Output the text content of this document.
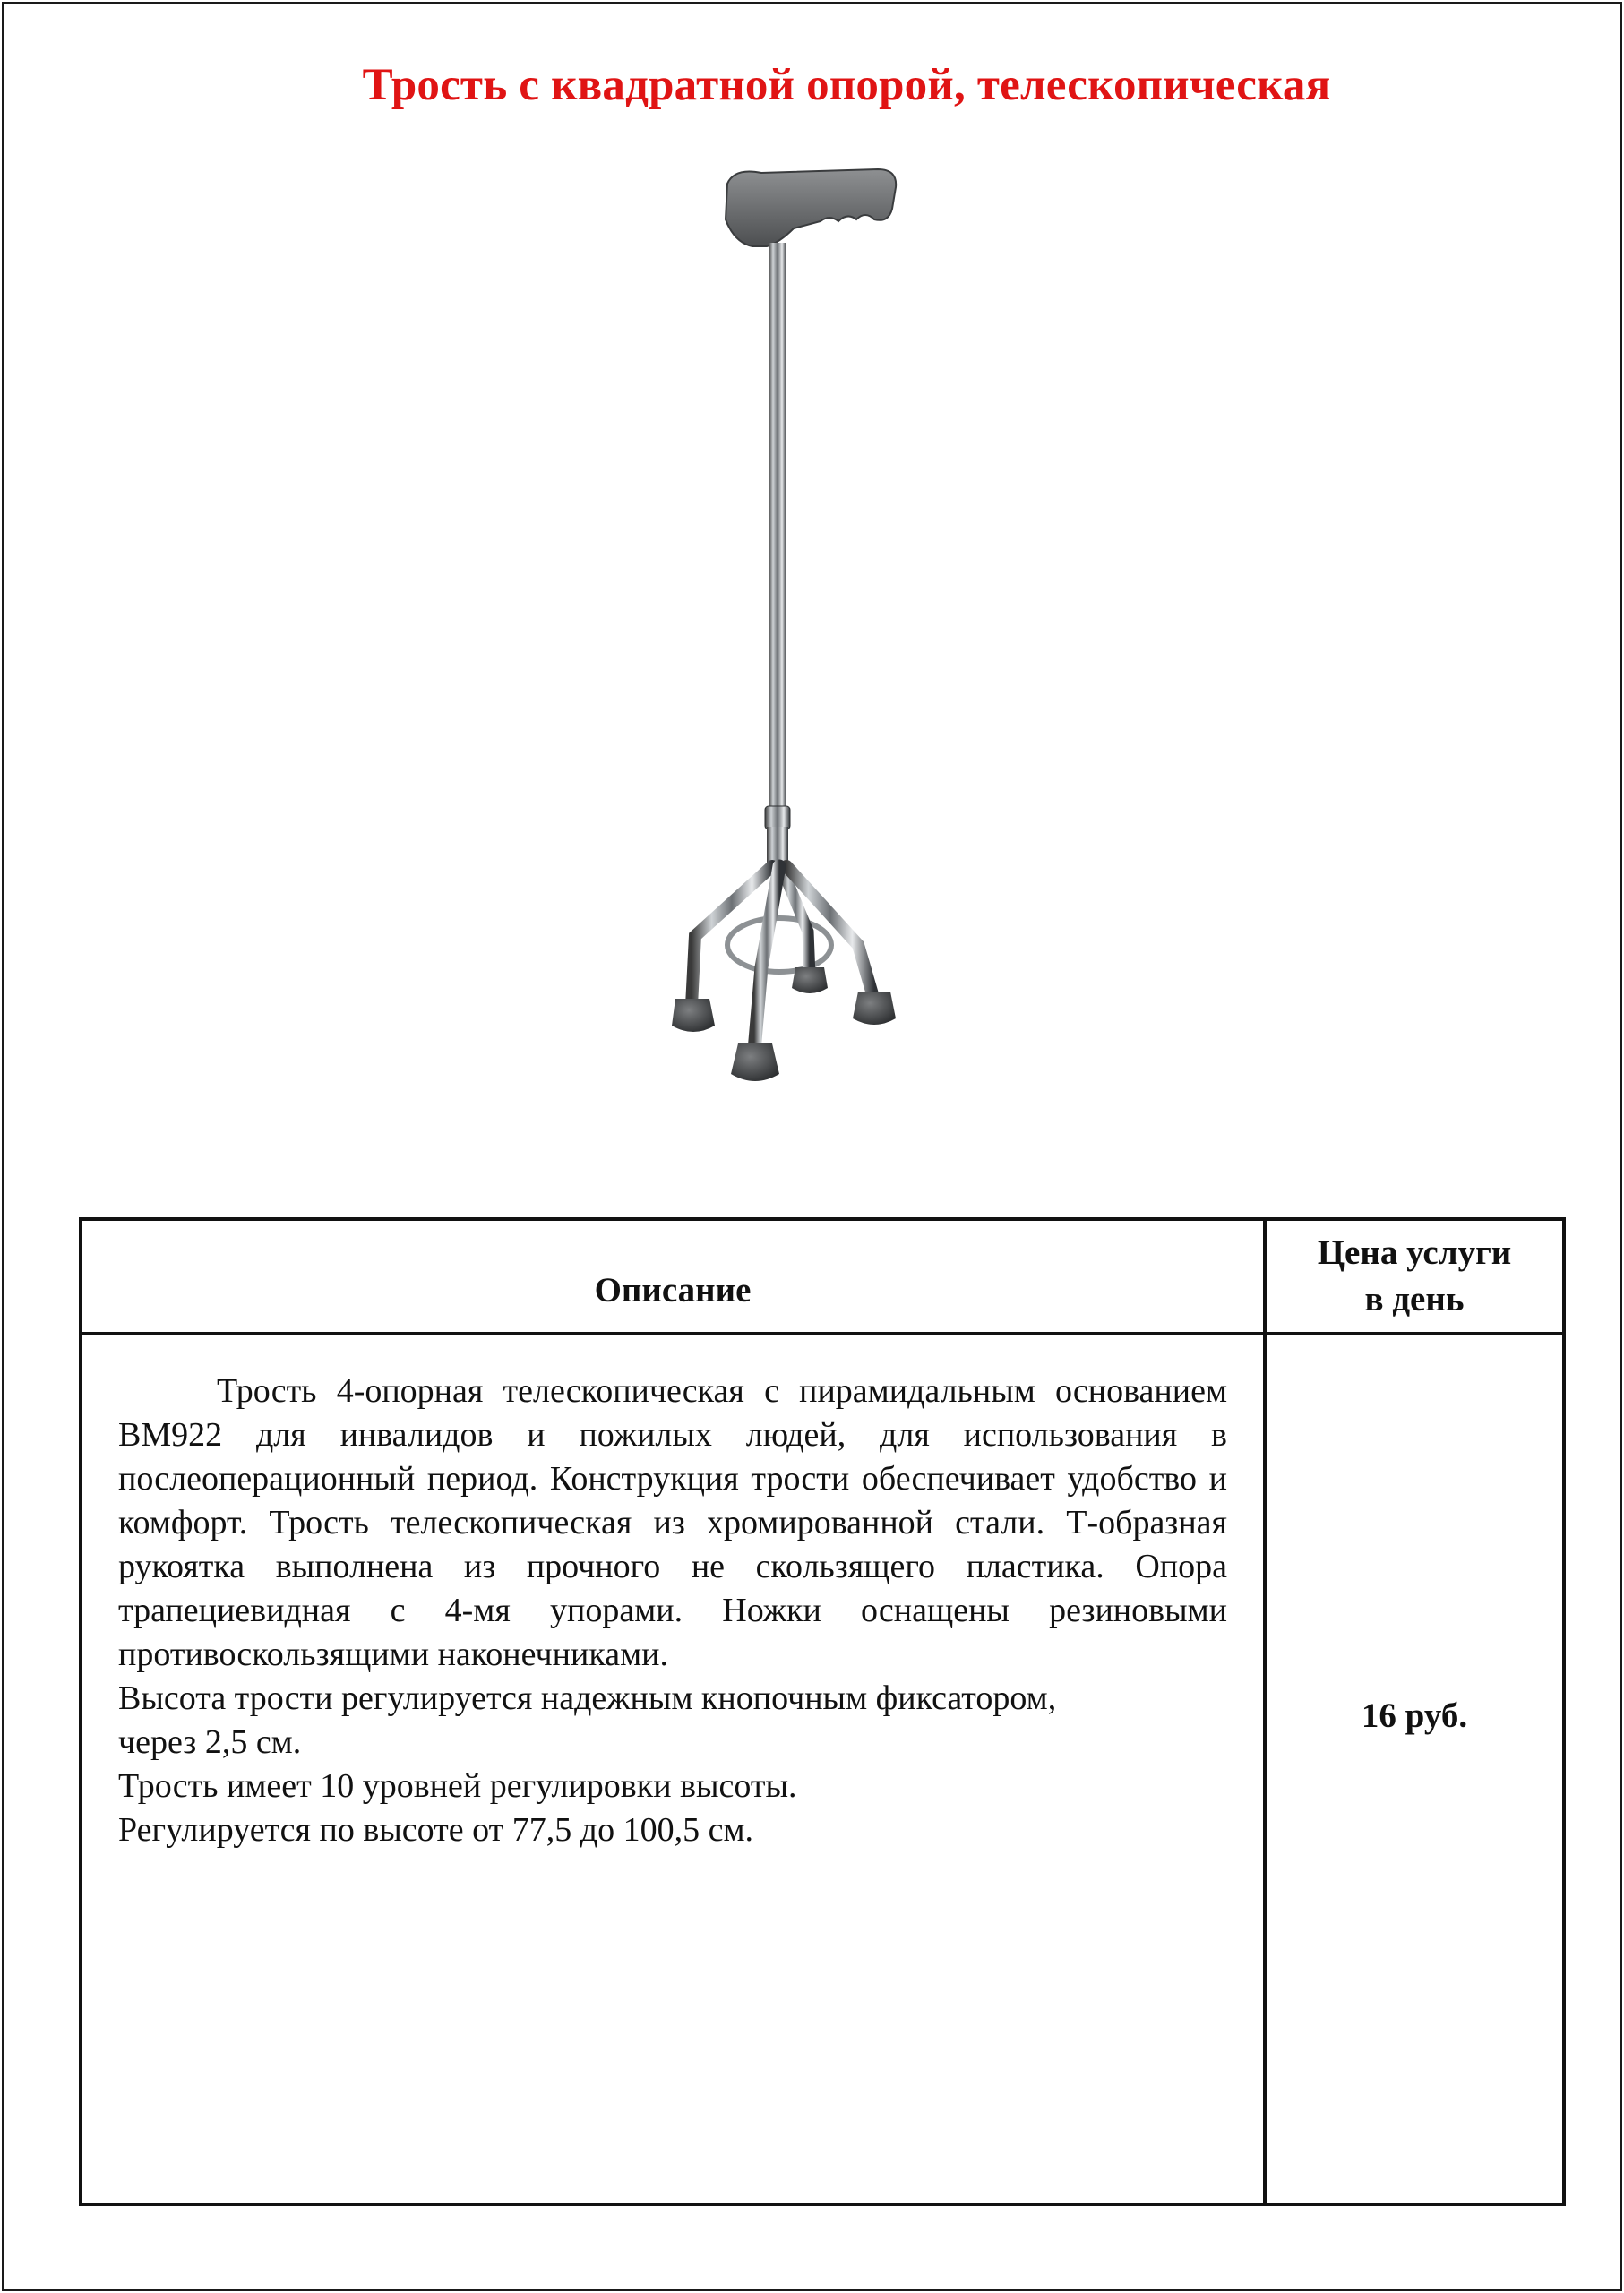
Трость с квадратной опорой, телескопическая
Описание	Цена услуги
в день

Трость 4-опорная телескопическая с пирамидальным основанием ВМ922 для инвалидов и пожилых людей, для использования в послеоперационный период. Конструкция трости обеспечивает удобство и комфорт. Трость телескопическая из хромированной стали. Т-образная рукоятка выполнена из прочного не скользящего пластика. Опора трапециевидная с 4-мя упорами. Ножки оснащены резиновыми противоскользящими наконечниками.

Высота трости регулируется надежным кнопочным фиксатором,

через 2,5 см.

Трость имеет 10 уровней регулировки высоты.

Регулируется по высоте от 77,5 до 100,5 см.	16 руб.
